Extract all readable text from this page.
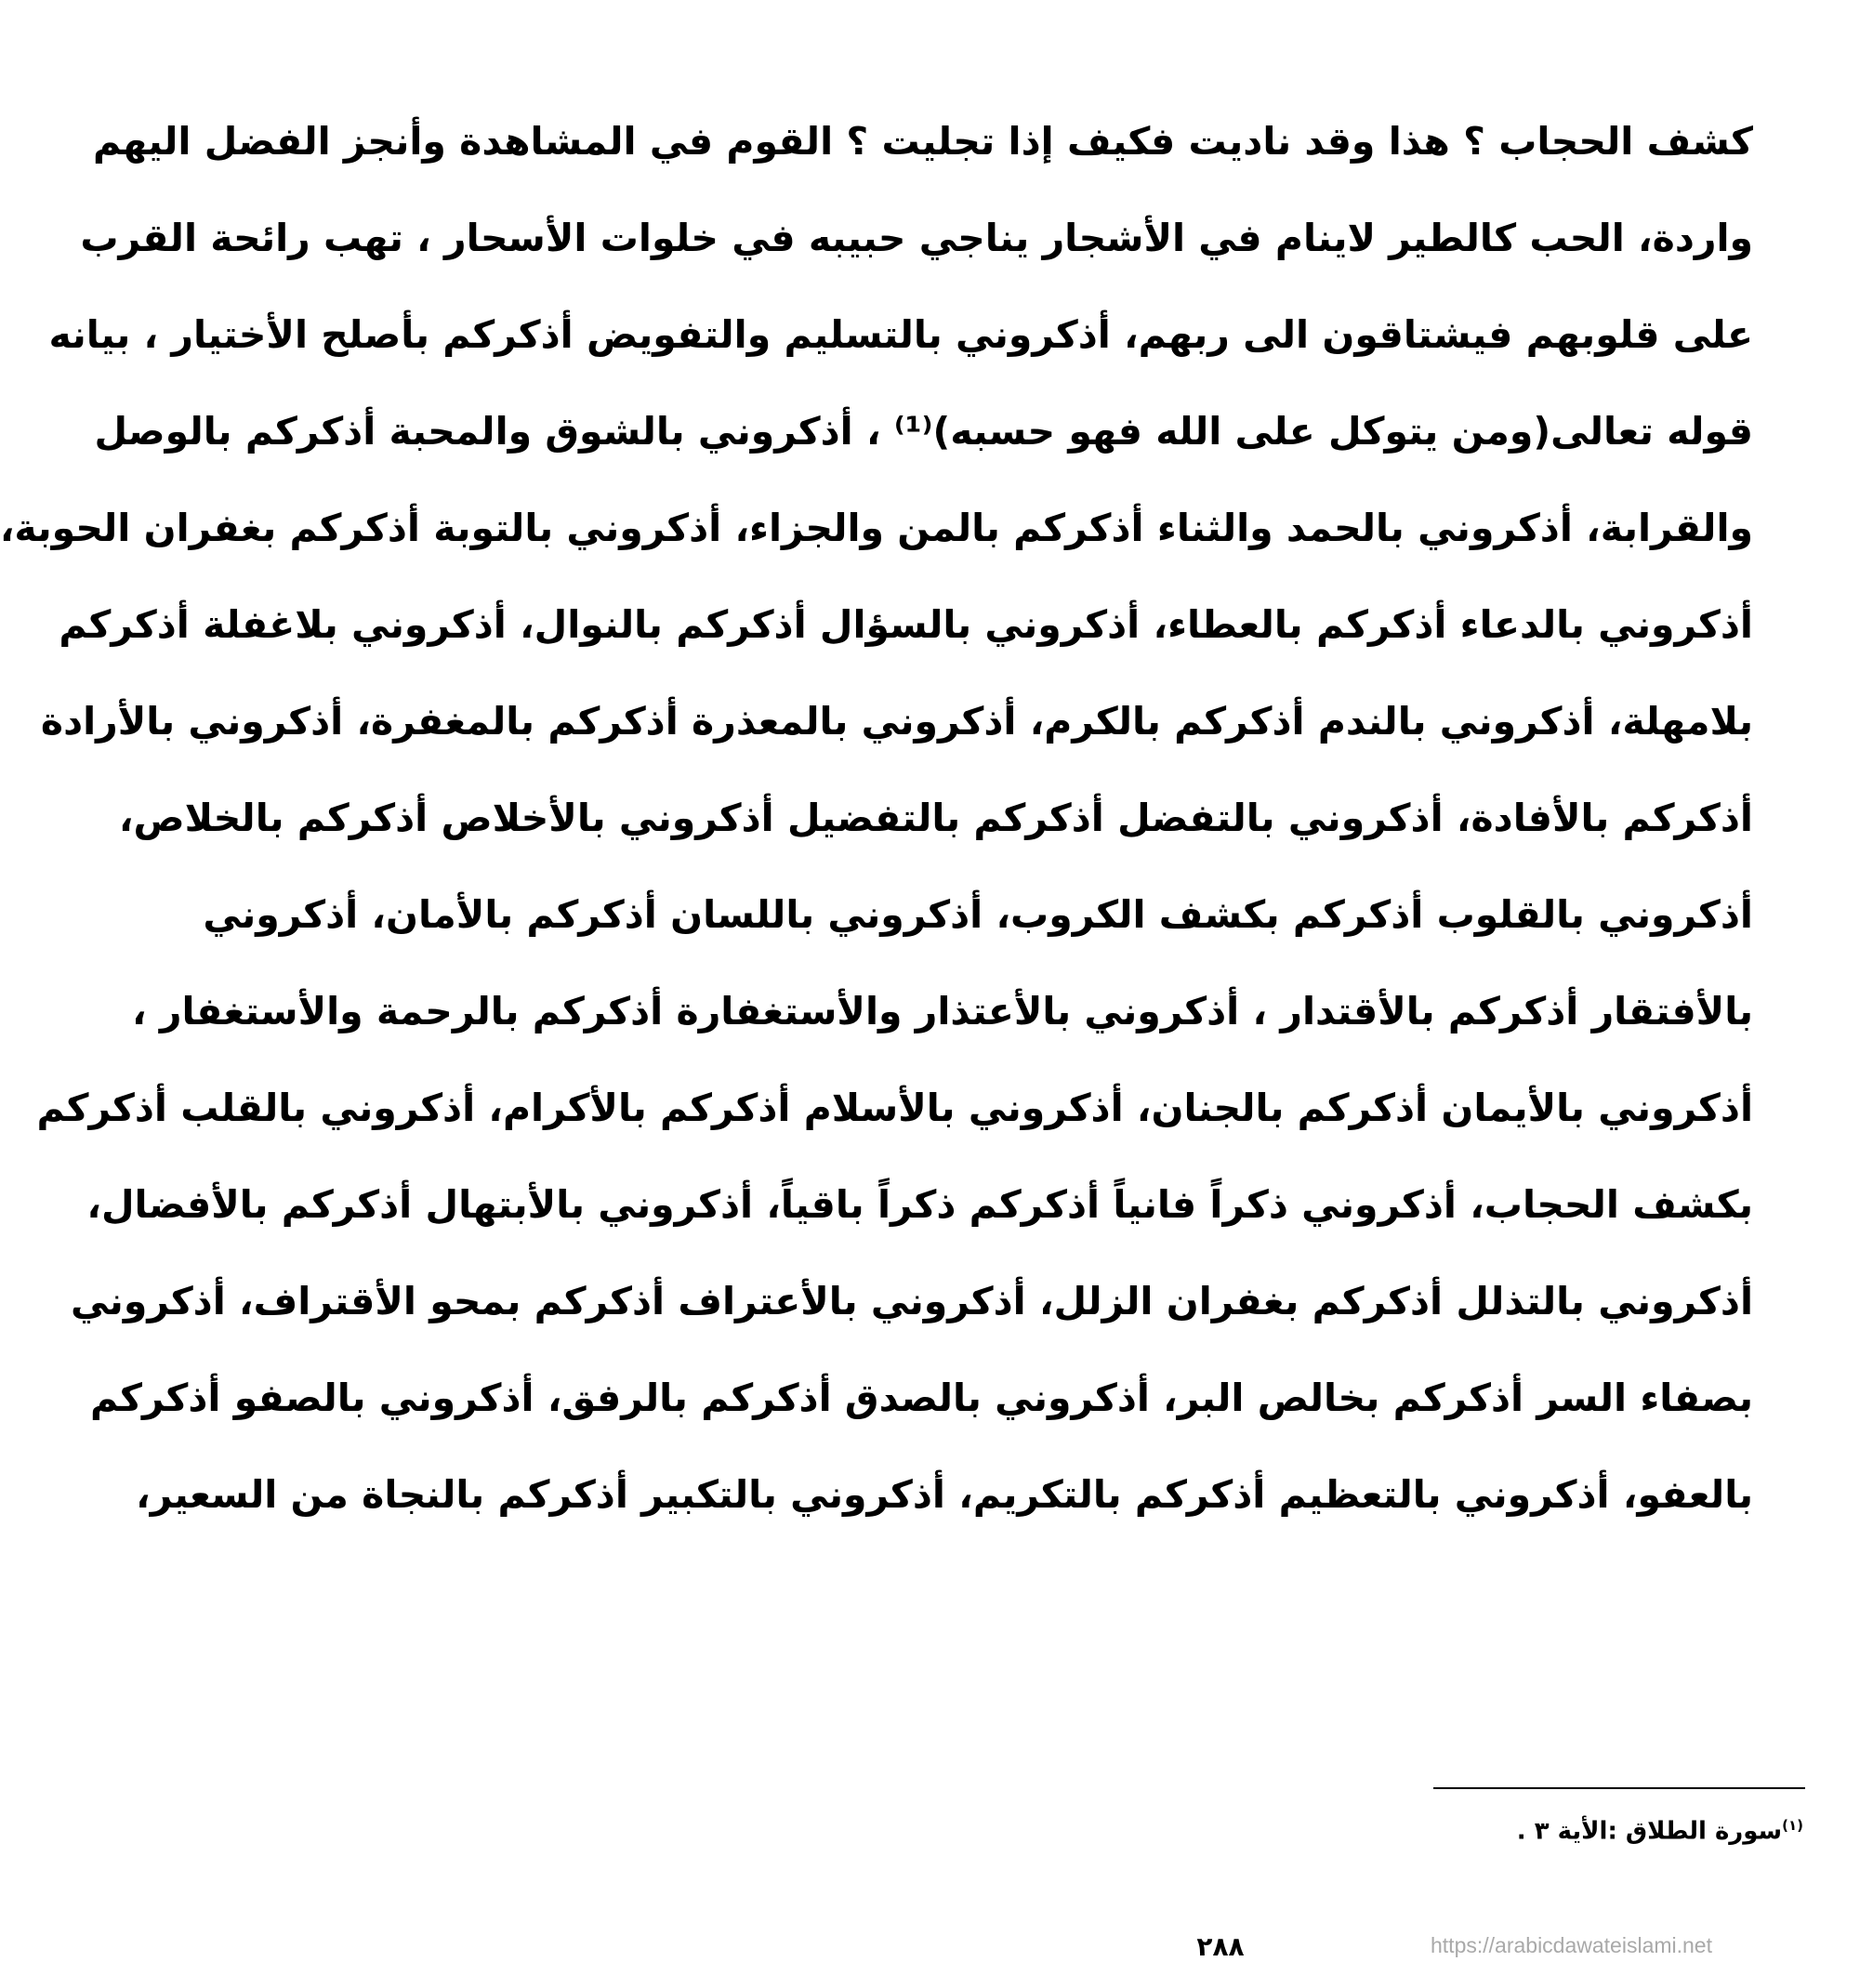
كشف الحجاب ؟ هذا وقد ناديت فكيف إذا تجليت ؟ القوم في المشاهدة وأنجز الفضل اليهم
واردة، الحب كالطير لاينام في الأشجار يناجي حبيبه في خلوات الأسحار ، تهب رائحة القرب
على قلوبهم فيشتاقون الى ربهم، أذكروني بالتسليم والتفويض أذكركم بأصلح الأختيار ، بيانه
قوله تعالى(ومن يتوكل على الله فهو حسبه)⁽¹⁾ ، أذكروني بالشوق والمحبة أذكركم بالوصل
والقرابة، أذكروني بالحمد والثناء أذكركم بالمن والجزاء، أذكروني بالتوبة أذكركم بغفران الحوبة،
أذكروني بالدعاء أذكركم بالعطاء، أذكروني بالسؤال أذكركم بالنوال، أذكروني بلاغفلة أذكركم
بلامهلة، أذكروني بالندم أذكركم بالكرم، أذكروني بالمعذرة أذكركم بالمغفرة، أذكروني بالأرادة
أذكركم بالأفادة، أذكروني بالتفضل أذكركم بالتفضيل أذكروني بالأخلاص أذكركم بالخلاص،
أذكروني بالقلوب أذكركم بكشف الكروب، أذكروني باللسان أذكركم بالأمان، أذكروني
بالأفتقار أذكركم بالأقتدار ، أذكروني بالأعتذار والأستغفارة أذكركم بالرحمة والأستغفار ،
أذكروني بالأيمان أذكركم بالجنان، أذكروني بالأسلام أذكركم بالأكرام، أذكروني بالقلب أذكركم
بكشف الحجاب، أذكروني ذكراً فانياً أذكركم ذكراً باقياً، أذكروني بالأبتهال أذكركم بالأفضال،
أذكروني بالتذلل أذكركم بغفران الزلل، أذكروني بالأعتراف أذكركم بمحو الأقتراف، أذكروني
بصفاء السر أذكركم بخالص البر، أذكروني بالصدق أذكركم بالرفق، أذكروني بالصفو أذكركم
بالعفو، أذكروني بالتعظيم أذكركم بالتكريم، أذكروني بالتكبير أذكركم بالنجاة من السعير،
$^{(١)}$سورة الطلاق :الأية ٣ .
٢٨٨	https://arabicdawateislami.net
